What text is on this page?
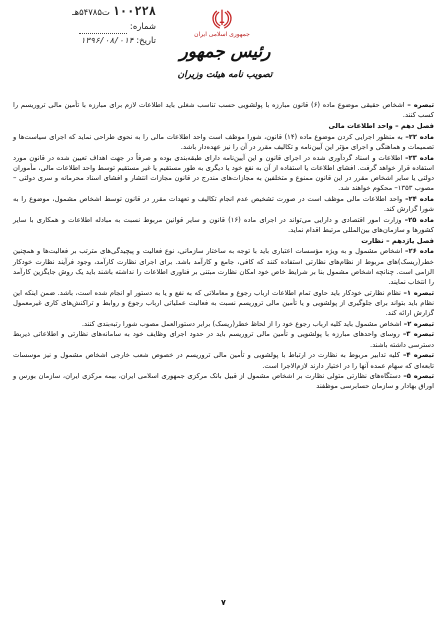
۱۰۰۲۲۸ ت۵۴۷۸۵هـ
شماره:
تاریخ: ۱۳۹۶/۰۸/۰۱۴
جمهوری اسلامی ایران
رئیس جمهور
تصویب نامه هیئت وزیران

تبصره – اشخاص حقیقی موضوع ماده (۶) قانون مبارزه با پولشویی حسب تناسب شغلی باید اطلاعات لازم برای مبارزه با تأمین مالی تروریسم را کسب کنند.

فصل دهم – واحد اطلاعات مالی

ماده ۲۲– به منظور اجرایی کردن موضوع ماده (۱۴) قانون، شورا موظف است واحد اطلاعات مالی را به نحوی طراحی نماید که اجرای سیاست‌ها و تصمیمات و هماهنگی و اجرای مؤثر این آیین‌نامه و تکالیف مقرر در آن را نیز عهده‌دار باشد.

ماده ۲۳– اطلاعات و اسناد گردآوری شده در اجرای قانون و این آیین‌نامه دارای طبقه‌بندی بوده و صرفاً در جهت اهداف تعیین شده در قانون مورد استفاده قرار خواهد گرفت. افشای اطلاعات یا استفاده از آن به نفع خود یا دیگری به طور مستقیم یا غیر مستقیم توسط واحد اطلاعات مالی، مأموران دولتی یا سایر اشخاص مقرر در این قانون ممنوع و متخلفین به مجازات‌های مندرج در قانون مجازات انتشار و افشای اسناد محرمانه و سری دولتی – مصوب ۱۳۵۳– محکوم خواهند شد.

ماده ۲۴– واحد اطلاعات مالی موظف است در صورت تشخیص عدم انجام تکالیف و تعهدات مقرر در قانون توسط اشخاص مشمول، موضوع را به شورا گزارش کند.

ماده ۲۵– وزارت امور اقتصادی و دارایی می‌تواند در اجرای ماده (۱۶) قانون و سایر قوانین مربوط نسبت به مبادله اطلاعات و همکاری با سایر کشورها و سازمان‌های بین‌المللی مرتبط اقدام نماید.

فصل یازدهم – نظارت

ماده ۲۶– اشخاص مشمول و به ویژه مؤسسات اعتباری باید با توجه به ساختار سازمانی، نوع فعالیت و پیچیدگی‌های مترتب بر فعالیت‌ها و همچنین خطر(ریسک)های مربوط از نظام‌های نظارتی استفاده کنند که کافی، جامع و کارآمد باشد. برای اجرای نظارت کارآمد، وجود فرآیند نظارت خودکار الزامی است. چنانچه اشخاص مشمول بنا بر شرایط خاص خود امکان نظارت مبتنی بر فناوری اطلاعات را نداشته باشند باید یک روش جایگزین کارآمد را انتخاب نمایند.

تبصره ۱– نظام نظارتی خودکار باید حاوی تمام اطلاعات ارباب رجوع و معاملاتی که به نفع و یا به دستور او انجام شده است، باشد. ضمن اینکه این نظام باید بتواند برای جلوگیری از پولشویی و یا تأمین مالی تروریسم نسبت به فعالیت عملیاتی ارباب رجوع و روابط و تراکنش‌های کاری غیرمعمول گزارش ارائه کند.

تبصره ۲– اشخاص مشمول باید کلیه ارباب رجوع خود را از لحاظ خطر(ریسک) برابر دستورالعمل مصوب شورا رتبه‌بندی کنند.

تبصره ۳– روسای واحدهای مبارزه با پولشویی و تأمین مالی تروریسم باید در حدود اجرای وظایف خود به سامانه‌های نظارتی و اطلاعاتی ذیربط دسترسی داشته باشند.

تبصره ۴– کلیه تدابیر مربوط به نظارت در ارتباط با پولشویی و تأمین مالی تروریسم در خصوص شعب خارجی اشخاص مشمول و نیز موسسات تابعه‌ای که سهام عمده آنها را در اختیار دارند لازم‌الاجرا است.

تبصره ۵– دستگاه‌های نظارتی متولی نظارت بر اشخاص مشمول از قبیل بانک مرکزی جمهوری اسلامی ایران، بیمه مرکزی ایران، سازمان بورس و اوراق بهادار و سازمان حسابرسی موظفند

۷
